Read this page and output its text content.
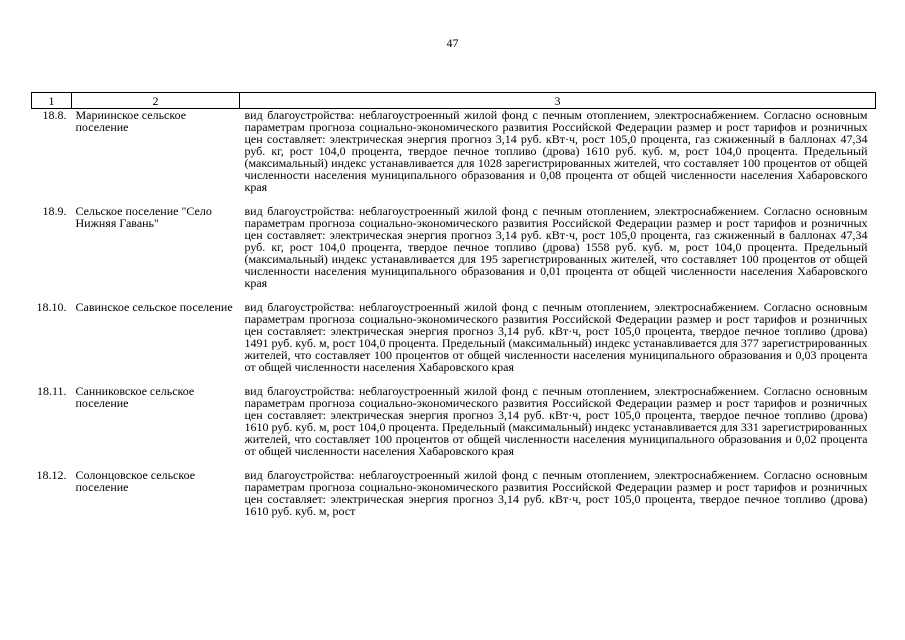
47
1	2	3
18.8.	Мариинское сельское поселение	вид благоустройства: неблагоустроенный жилой фонд с печным отоплением, электроснабжением. Согласно основным параметрам прогноза социально-экономического развития Российской Федерации размер и рост тарифов и розничных цен составляет: электрическая энергия прогноз 3,14 руб. кВт·ч, рост 105,0 процента, газ сжиженный в баллонах 47,34 руб. кг, рост 104,0 процента, твердое печное топливо (дрова) 1610 руб. куб. м, рост 104,0 процента. Предельный (максимальный) индекс устанавливается для 1028 зарегистрированных жителей, что составляет 100 процентов от общей численности населения муниципального образования и 0,08 процента от общей численности населения Хабаровского края
18.9.	Сельское поселение "Село Нижняя Гавань"	вид благоустройства: неблагоустроенный жилой фонд с печным отоплением, электроснабжением. Согласно основным параметрам прогноза социально-экономического развития Российской Федерации размер и рост тарифов и розничных цен составляет: электрическая энергия прогноз 3,14 руб. кВт·ч, рост 105,0 процента, газ сжиженный в баллонах 47,34 руб. кг, рост 104,0 процента, твердое печное топливо (дрова) 1558 руб. куб. м, рост 104,0 процента. Предельный (максимальный) индекс устанавливается для 195 зарегистрированных жителей, что составляет 100 процентов от общей численности населения муниципального образования и 0,01 процента от общей численности населения Хабаровского края
18.10.	Савинское сельское поселение	вид благоустройства: неблагоустроенный жилой фонд с печным отоплением, электроснабжением. Согласно основным параметрам прогноза социально-экономического развития Российской Федерации размер и рост тарифов и розничных цен составляет: электрическая энергия прогноз 3,14 руб. кВт·ч, рост 105,0 процента, твердое печное топливо (дрова) 1491 руб. куб. м, рост 104,0 процента. Предельный (максимальный) индекс устанавливается для 377 зарегистрированных жителей, что составляет 100 процентов от общей численности населения муниципального образования и 0,03 процента от общей численности населения Хабаровского края
18.11.	Санниковское сельское поселение	вид благоустройства: неблагоустроенный жилой фонд с печным отоплением, электроснабжением. Согласно основным параметрам прогноза социально-экономического развития Российской Федерации размер и рост тарифов и розничных цен составляет: электрическая энергия прогноз 3,14 руб. кВт·ч, рост 105,0 процента, твердое печное топливо (дрова) 1610 руб. куб. м, рост 104,0 процента. Предельный (максимальный) индекс устанавливается для 331 зарегистрированных жителей, что составляет 100 процентов от общей численности населения муниципального образования и 0,02 процента от общей численности населения Хабаровского края
18.12.	Солонцовское сельское поселение	вид благоустройства: неблагоустроенный жилой фонд с печным отоплением, электроснабжением. Согласно основным параметрам прогноза социально-экономического развития Российской Федерации размер и рост тарифов и розничных цен составляет: электрическая энергия прогноз 3,14 руб. кВт·ч, рост 105,0 процента, твердое печное топливо (дрова) 1610 руб. куб. м, рост
